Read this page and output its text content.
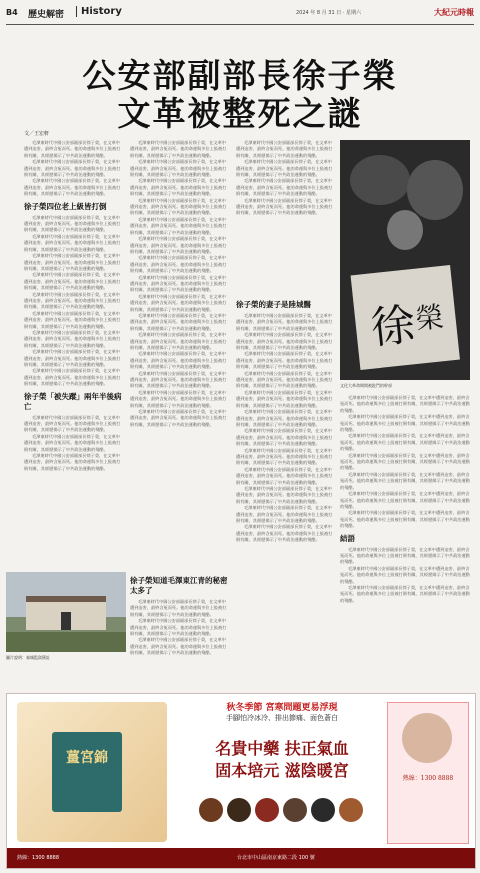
B4 歷史解密	History	2024 年 8 月 31 日 · 星期六	大紀元時報
公安部副部長徐子榮
文革被整死之謎
文／王宏軒

毛澤東時代中國公安部副部長徐子榮，在文革中遭到迫害，最終含冤而死。他的命運與多位上級被打倒有關，其經歷揭示了中共政治運動的殘酷。

毛澤東時代中國公安部副部長徐子榮，在文革中遭到迫害，最終含冤而死。他的命運與多位上級被打倒有關，其經歷揭示了中共政治運動的殘酷。

毛澤東時代中國公安部副部長徐子榮，在文革中遭到迫害，最終含冤而死。他的命運與多位上級被打倒有關，其經歷揭示了中共政治運動的殘酷。

徐子榮四位老上級皆打倒

毛澤東時代中國公安部副部長徐子榮，在文革中遭到迫害，最終含冤而死。他的命運與多位上級被打倒有關，其經歷揭示了中共政治運動的殘酷。

毛澤東時代中國公安部副部長徐子榮，在文革中遭到迫害，最終含冤而死。他的命運與多位上級被打倒有關，其經歷揭示了中共政治運動的殘酷。

毛澤東時代中國公安部副部長徐子榮，在文革中遭到迫害，最終含冤而死。他的命運與多位上級被打倒有關，其經歷揭示了中共政治運動的殘酷。

毛澤東時代中國公安部副部長徐子榮，在文革中遭到迫害，最終含冤而死。他的命運與多位上級被打倒有關，其經歷揭示了中共政治運動的殘酷。

毛澤東時代中國公安部副部長徐子榮，在文革中遭到迫害，最終含冤而死。他的命運與多位上級被打倒有關，其經歷揭示了中共政治運動的殘酷。

毛澤東時代中國公安部副部長徐子榮，在文革中遭到迫害，最終含冤而死。他的命運與多位上級被打倒有關，其經歷揭示了中共政治運動的殘酷。

毛澤東時代中國公安部副部長徐子榮，在文革中遭到迫害，最終含冤而死。他的命運與多位上級被打倒有關，其經歷揭示了中共政治運動的殘酷。

毛澤東時代中國公安部副部長徐子榮，在文革中遭到迫害，最終含冤而死。他的命運與多位上級被打倒有關，其經歷揭示了中共政治運動的殘酷。

毛澤東時代中國公安部副部長徐子榮，在文革中遭到迫害，最終含冤而死。他的命運與多位上級被打倒有關，其經歷揭示了中共政治運動的殘酷。

徐子榮「被失蹤」兩年半後病亡

毛澤東時代中國公安部副部長徐子榮，在文革中遭到迫害，最終含冤而死。他的命運與多位上級被打倒有關，其經歷揭示了中共政治運動的殘酷。

毛澤東時代中國公安部副部長徐子榮，在文革中遭到迫害，最終含冤而死。他的命運與多位上級被打倒有關，其經歷揭示了中共政治運動的殘酷。

毛澤東時代中國公安部副部長徐子榮，在文革中遭到迫害，最終含冤而死。他的命運與多位上級被打倒有關，其經歷揭示了中共政治運動的殘酷。

毛澤東時代中國公安部副部長徐子榮，在文革中遭到迫害，最終含冤而死。他的命運與多位上級被打倒有關，其經歷揭示了中共政治運動的殘酷。

毛澤東時代中國公安部副部長徐子榮，在文革中遭到迫害，最終含冤而死。他的命運與多位上級被打倒有關，其經歷揭示了中共政治運動的殘酷。

毛澤東時代中國公安部副部長徐子榮，在文革中遭到迫害，最終含冤而死。他的命運與多位上級被打倒有關，其經歷揭示了中共政治運動的殘酷。

毛澤東時代中國公安部副部長徐子榮，在文革中遭到迫害，最終含冤而死。他的命運與多位上級被打倒有關，其經歷揭示了中共政治運動的殘酷。

毛澤東時代中國公安部副部長徐子榮，在文革中遭到迫害，最終含冤而死。他的命運與多位上級被打倒有關，其經歷揭示了中共政治運動的殘酷。

毛澤東時代中國公安部副部長徐子榮，在文革中遭到迫害，最終含冤而死。他的命運與多位上級被打倒有關，其經歷揭示了中共政治運動的殘酷。

毛澤東時代中國公安部副部長徐子榮，在文革中遭到迫害，最終含冤而死。他的命運與多位上級被打倒有關，其經歷揭示了中共政治運動的殘酷。

毛澤東時代中國公安部副部長徐子榮，在文革中遭到迫害，最終含冤而死。他的命運與多位上級被打倒有關，其經歷揭示了中共政治運動的殘酷。

毛澤東時代中國公安部副部長徐子榮，在文革中遭到迫害，最終含冤而死。他的命運與多位上級被打倒有關，其經歷揭示了中共政治運動的殘酷。

毛澤東時代中國公安部副部長徐子榮，在文革中遭到迫害，最終含冤而死。他的命運與多位上級被打倒有關，其經歷揭示了中共政治運動的殘酷。

毛澤東時代中國公安部副部長徐子榮，在文革中遭到迫害，最終含冤而死。他的命運與多位上級被打倒有關，其經歷揭示了中共政治運動的殘酷。

毛澤東時代中國公安部副部長徐子榮，在文革中遭到迫害，最終含冤而死。他的命運與多位上級被打倒有關，其經歷揭示了中共政治運動的殘酷。

毛澤東時代中國公安部副部長徐子榮，在文革中遭到迫害，最終含冤而死。他的命運與多位上級被打倒有關，其經歷揭示了中共政治運動的殘酷。

毛澤東時代中國公安部副部長徐子榮，在文革中遭到迫害，最終含冤而死。他的命運與多位上級被打倒有關，其經歷揭示了中共政治運動的殘酷。

毛澤東時代中國公安部副部長徐子榮，在文革中遭到迫害，最終含冤而死。他的命運與多位上級被打倒有關，其經歷揭示了中共政治運動的殘酷。

毛澤東時代中國公安部副部長徐子榮，在文革中遭到迫害，最終含冤而死。他的命運與多位上級被打倒有關，其經歷揭示了中共政治運動的殘酷。

毛澤東時代中國公安部副部長徐子榮，在文革中遭到迫害，最終含冤而死。他的命運與多位上級被打倒有關，其經歷揭示了中共政治運動的殘酷。

毛澤東時代中國公安部副部長徐子榮，在文革中遭到迫害，最終含冤而死。他的命運與多位上級被打倒有關，其經歷揭示了中共政治運動的殘酷。

毛澤東時代中國公安部副部長徐子榮，在文革中遭到迫害，最終含冤而死。他的命運與多位上級被打倒有關，其經歷揭示了中共政治運動的殘酷。

徐
榮
文化大革命期間被批鬥的幹部
徐子榮的妻子是陸城醫

毛澤東時代中國公安部副部長徐子榮，在文革中遭到迫害，最終含冤而死。他的命運與多位上級被打倒有關，其經歷揭示了中共政治運動的殘酷。

毛澤東時代中國公安部副部長徐子榮，在文革中遭到迫害，最終含冤而死。他的命運與多位上級被打倒有關，其經歷揭示了中共政治運動的殘酷。

毛澤東時代中國公安部副部長徐子榮，在文革中遭到迫害，最終含冤而死。他的命運與多位上級被打倒有關，其經歷揭示了中共政治運動的殘酷。

毛澤東時代中國公安部副部長徐子榮，在文革中遭到迫害，最終含冤而死。他的命運與多位上級被打倒有關，其經歷揭示了中共政治運動的殘酷。

毛澤東時代中國公安部副部長徐子榮，在文革中遭到迫害，最終含冤而死。他的命運與多位上級被打倒有關，其經歷揭示了中共政治運動的殘酷。

毛澤東時代中國公安部副部長徐子榮，在文革中遭到迫害，最終含冤而死。他的命運與多位上級被打倒有關，其經歷揭示了中共政治運動的殘酷。

毛澤東時代中國公安部副部長徐子榮，在文革中遭到迫害，最終含冤而死。他的命運與多位上級被打倒有關，其經歷揭示了中共政治運動的殘酷。

毛澤東時代中國公安部副部長徐子榮，在文革中遭到迫害，最終含冤而死。他的命運與多位上級被打倒有關，其經歷揭示了中共政治運動的殘酷。

毛澤東時代中國公安部副部長徐子榮，在文革中遭到迫害，最終含冤而死。他的命運與多位上級被打倒有關，其經歷揭示了中共政治運動的殘酷。

毛澤東時代中國公安部副部長徐子榮，在文革中遭到迫害，最終含冤而死。他的命運與多位上級被打倒有關，其經歷揭示了中共政治運動的殘酷。

毛澤東時代中國公安部副部長徐子榮，在文革中遭到迫害，最終含冤而死。他的命運與多位上級被打倒有關，其經歷揭示了中共政治運動的殘酷。

毛澤東時代中國公安部副部長徐子榮，在文革中遭到迫害，最終含冤而死。他的命運與多位上級被打倒有關，其經歷揭示了中共政治運動的殘酷。

毛澤東時代中國公安部副部長徐子榮，在文革中遭到迫害，最終含冤而死。他的命運與多位上級被打倒有關，其經歷揭示了中共政治運動的殘酷。

毛澤東時代中國公安部副部長徐子榮，在文革中遭到迫害，最終含冤而死。他的命運與多位上級被打倒有關，其經歷揭示了中共政治運動的殘酷。

毛澤東時代中國公安部副部長徐子榮，在文革中遭到迫害，最終含冤而死。他的命運與多位上級被打倒有關，其經歷揭示了中共政治運動的殘酷。

毛澤東時代中國公安部副部長徐子榮，在文革中遭到迫害，最終含冤而死。他的命運與多位上級被打倒有關，其經歷揭示了中共政治運動的殘酷。

毛澤東時代中國公安部副部長徐子榮，在文革中遭到迫害，最終含冤而死。他的命運與多位上級被打倒有關，其經歷揭示了中共政治運動的殘酷。

毛澤東時代中國公安部副部長徐子榮，在文革中遭到迫害，最終含冤而死。他的命運與多位上級被打倒有關，其經歷揭示了中共政治運動的殘酷。

毛澤東時代中國公安部副部長徐子榮，在文革中遭到迫害，最終含冤而死。他的命運與多位上級被打倒有關，其經歷揭示了中共政治運動的殘酷。

結語

毛澤東時代中國公安部副部長徐子榮，在文革中遭到迫害，最終含冤而死。他的命運與多位上級被打倒有關，其經歷揭示了中共政治運動的殘酷。

毛澤東時代中國公安部副部長徐子榮，在文革中遭到迫害，最終含冤而死。他的命運與多位上級被打倒有關，其經歷揭示了中共政治運動的殘酷。

毛澤東時代中國公安部副部長徐子榮，在文革中遭到迫害，最終含冤而死。他的命運與多位上級被打倒有關，其經歷揭示了中共政治運動的殘酷。

圖片說明：秦城監獄舊址
徐子榮知道毛澤東江青的秘密太多了

毛澤東時代中國公安部副部長徐子榮，在文革中遭到迫害，最終含冤而死。他的命運與多位上級被打倒有關，其經歷揭示了中共政治運動的殘酷。

毛澤東時代中國公安部副部長徐子榮，在文革中遭到迫害，最終含冤而死。他的命運與多位上級被打倒有關，其經歷揭示了中共政治運動的殘酷。

毛澤東時代中國公安部副部長徐子榮，在文革中遭到迫害，最終含冤而死。他的命運與多位上級被打倒有關，其經歷揭示了中共政治運動的殘酷。

薑宮錦
秋冬季節 宮寒問題更易浮現
手腳怕冷冰冷、排出節痛、面色蒼白
名貴中藥 扶正氣血
固本培元 滋陰暖宮	熱線：1300 8888
熱線：1300 8888	台北市中山區南京東路二段 100 號
